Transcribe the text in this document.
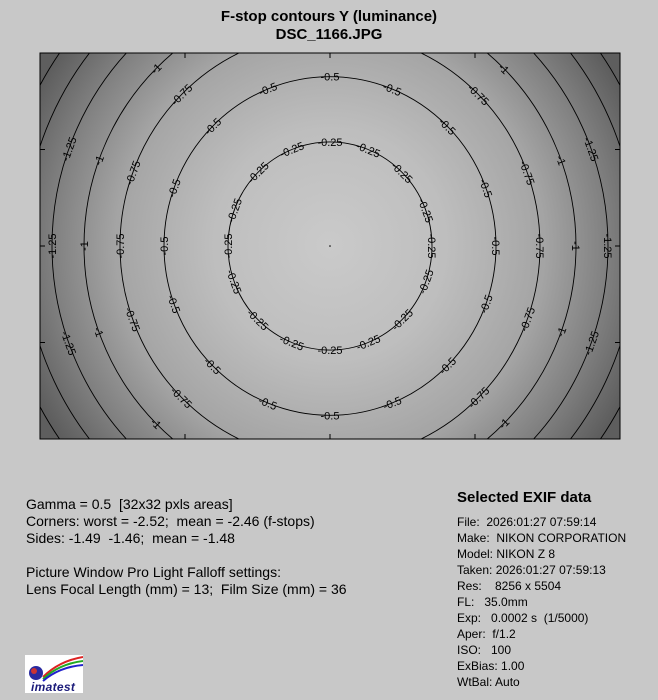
F-stop contours Y (luminance)
DSC_1166.JPG
-0.25
-0.25
-0.25
-0.25
-0.25
-0.25
-0.25	-0.25
-0.25
-0.25
-0.25	-0.25
-0.25
-0.25
-0.25	-0.25
-0.5
-0.5
-0.5
-0.5
-0.5
-0.5
-0.5	-0.5
-0.5
-0.5
-0.5	-0.5
-0.5
-0.5
-0.5	-0.5
-0.75
-0.75
-0.75
-0.75
-0.75	-0.75
-0.75
-0.75
-0.75	-0.75
-1
-1
-1
-1
-1	-1
-1
-1
-1	-1
-1.25
-1.25
-1.25
-1.25
-1.25	-1.25
Gamma = 0.5  [32x32 pxls areas]
Corners: worst = -2.52;  mean = -2.46 (f-stops)
Sides: -1.49  -1.46;  mean = -1.48
Picture Window Pro Light Falloff settings:
Lens Focal Length (mm) = 13;  Film Size (mm) = 36
Selected EXIF data
File:  2026:01:27 07:59:14
Make:  NIKON CORPORATION
Model: NIKON Z 8
Taken: 2026:01:27 07:59:13
Res:    8256 x 5504
FL:   35.0mm
Exp:   0.0002 s  (1/5000)
Aper:  f/1.2
ISO:   100
ExBias: 1.00
WtBal: Auto
imatest
